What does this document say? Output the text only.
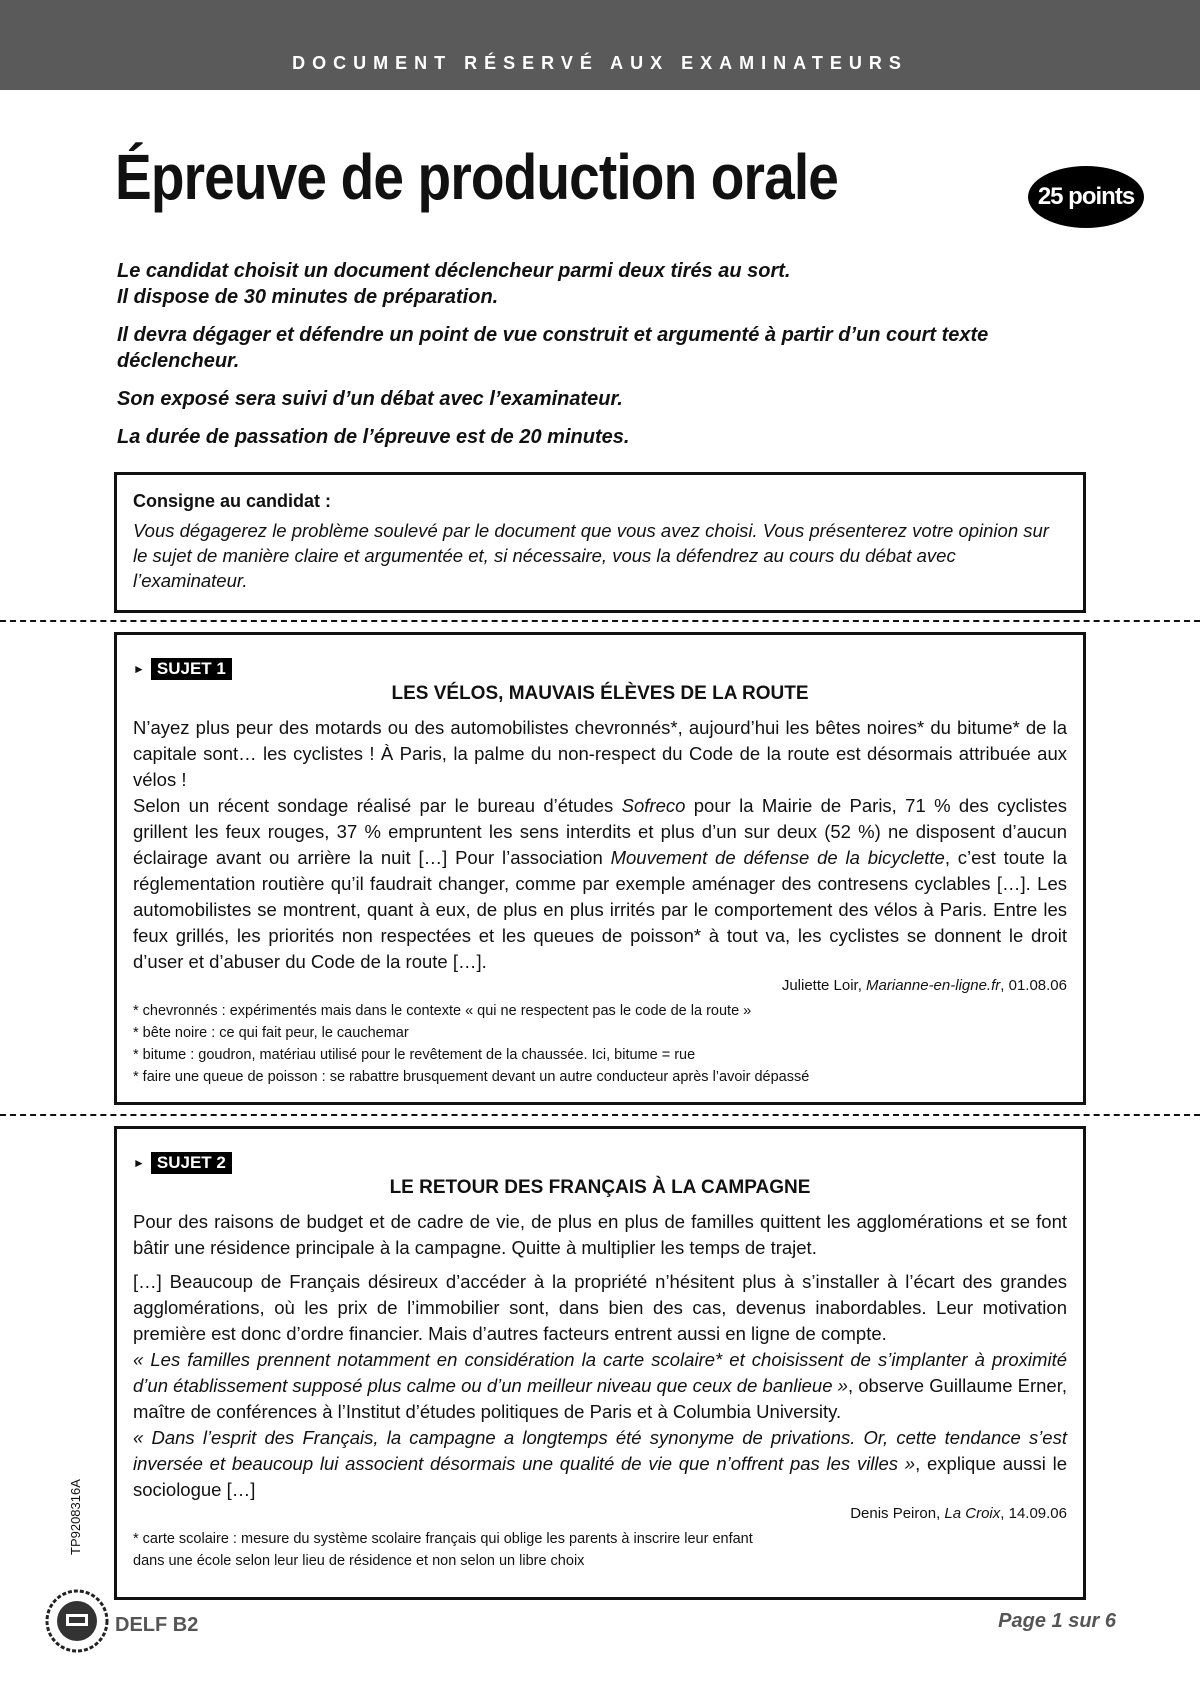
DOCUMENT RÉSERVÉ AUX EXAMINATEURS
Épreuve de production orale	25 points

Le candidat choisit un document déclencheur parmi deux tirés au sort.
Il dispose de 30 minutes de préparation.

Il devra dégager et défendre un point de vue construit et argumenté à partir d’un court texte déclencheur.

Son exposé sera suivi d’un débat avec l’examinateur.

La durée de passation de l’épreuve est de 20 minutes.

Consigne au candidat :
Vous dégagerez le problème soulevé par le document que vous avez choisi. Vous présenterez votre opinion sur le sujet de manière claire et argumentée et, si nécessaire, vous la défendrez au cours du débat avec l’examinateur.
► SUJET 1
LES VÉLOS, MAUVAIS ÉLÈVES DE LA ROUTE

N’ayez plus peur des motards ou des automobilistes chevronnés*, aujourd’hui les bêtes noires* du bitume* de la capitale sont… les cyclistes ! À Paris, la palme du non-respect du Code de la route est désormais attribuée aux vélos !

Selon un récent sondage réalisé par le bureau d’études Sofreco pour la Mairie de Paris, 71 % des cyclistes grillent les feux rouges, 37 % empruntent les sens interdits et plus d’un sur deux (52 %) ne disposent d’aucun éclairage avant ou arrière la nuit […] Pour l’association Mouvement de défense de la bicyclette, c’est toute la réglementation routière qu’il faudrait changer, comme par exemple aménager des contresens cyclables […]. Les automobilistes se montrent, quant à eux, de plus en plus irrités par le comportement des vélos à Paris. Entre les feux grillés, les priorités non respectées et les queues de poisson* à tout va, les cyclistes se donnent le droit d’user et d’abuser du Code de la route […].

Juliette Loir, Marianne-en-ligne.fr, 01.08.06
* chevronnés : expérimentés mais dans le contexte « qui ne respectent pas le code de la route »
* bête noire : ce qui fait peur, le cauchemar
* bitume : goudron, matériau utilisé pour le revêtement de la chaussée. Ici, bitume = rue
* faire une queue de poisson : se rabattre brusquement devant un autre conducteur après l’avoir dépassé
► SUJET 2
LE RETOUR DES FRANÇAIS À LA CAMPAGNE

Pour des raisons de budget et de cadre de vie, de plus en plus de familles quittent les agglomérations et se font bâtir une résidence principale à la campagne. Quitte à multiplier les temps de trajet.

[…] Beaucoup de Français désireux d’accéder à la propriété n’hésitent plus à s’installer à l’écart des grandes agglomérations, où les prix de l’immobilier sont, dans bien des cas, devenus inabordables. Leur motivation première est donc d’ordre financier. Mais d’autres facteurs entrent aussi en ligne de compte.

« Les familles prennent notamment en considération la carte scolaire* et choisissent de s’implanter à proximité d’un établissement supposé plus calme ou d’un meilleur niveau que ceux de banlieue », observe Guillaume Erner, maître de conférences à l’Institut d’études politiques de Paris et à Columbia University.

« Dans l’esprit des Français, la campagne a longtemps été synonyme de privations. Or, cette tendance s’est inversée et beaucoup lui associent désormais une qualité de vie que n’offrent pas les villes », explique aussi le sociologue […]

Denis Peiron, La Croix, 14.09.06
* carte scolaire : mesure du système scolaire français qui oblige les parents à inscrire leur enfant dans une école selon leur lieu de résidence et non selon un libre choix
TP9208316A
DELF B2	Page 1 sur 6
